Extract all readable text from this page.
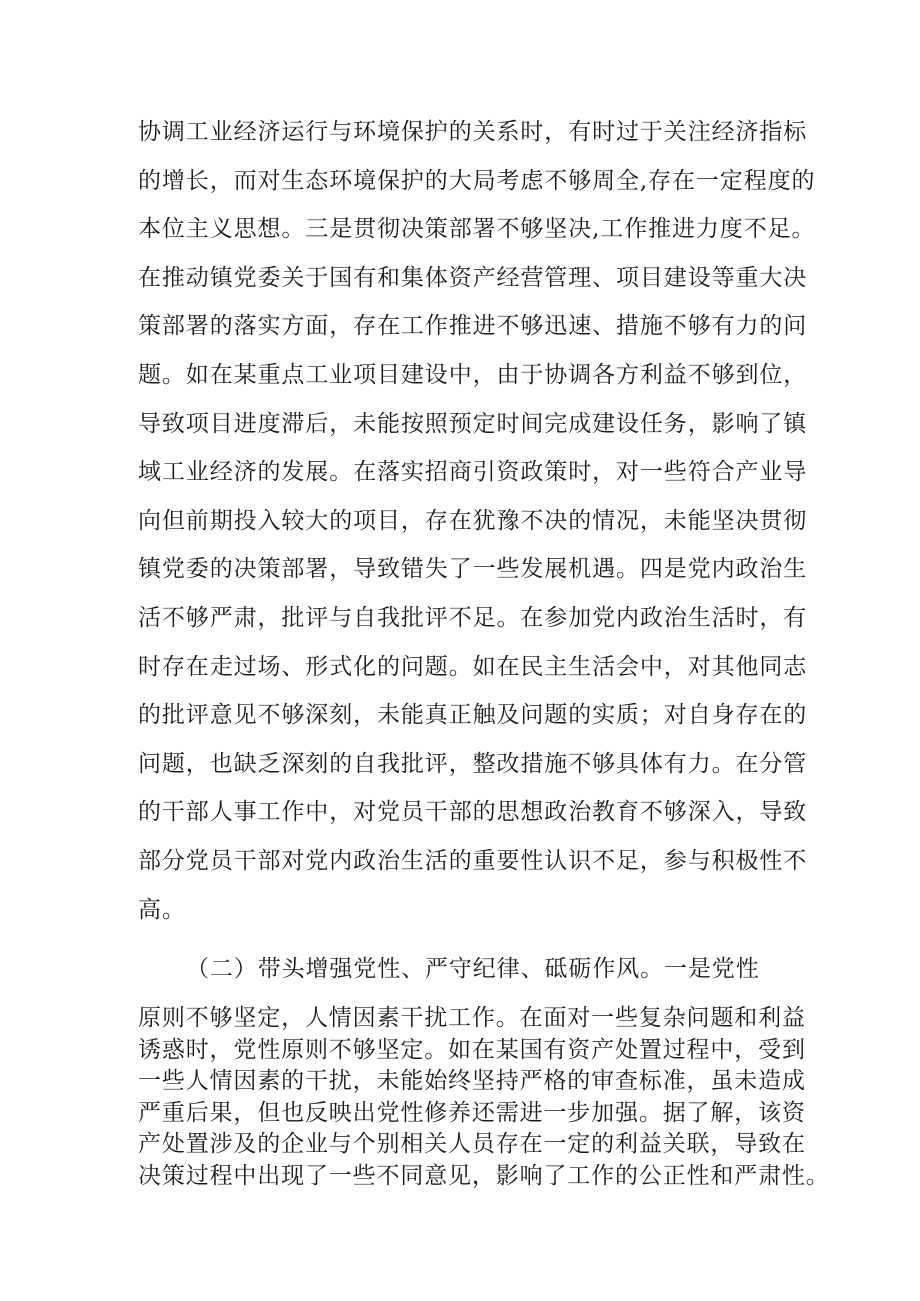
协调工业经济运行与环境保护的关系时，有时过于关注经济指标
的增长，而对生态环境保护的大局考虑不够周全,存在一定程度的
本位主义思想。三是贯彻决策部署不够坚决,工作推进力度不足。
在推动镇党委关于国有和集体资产经营管理、项目建设等重大决
策部署的落实方面，存在工作推进不够迅速、措施不够有力的问
题。如在某重点工业项目建设中，由于协调各方利益不够到位，
导致项目进度滞后，未能按照预定时间完成建设任务，影响了镇
域工业经济的发展。在落实招商引资政策时，对一些符合产业导
向但前期投入较大的项目，存在犹豫不决的情况，未能坚决贯彻
镇党委的决策部署，导致错失了一些发展机遇。四是党内政治生
活不够严肃，批评与自我批评不足。在参加党内政治生活时，有
时存在走过场、形式化的问题。如在民主生活会中，对其他同志
的批评意见不够深刻，未能真正触及问题的实质；对自身存在的
问题，也缺乏深刻的自我批评，整改措施不够具体有力。在分管
的干部人事工作中，对党员干部的思想政治教育不够深入，导致
部分党员干部对党内政治生活的重要性认识不足，参与积极性不
高。
（二）带头增强党性、严守纪律、砥砺作风。一是党性
原则不够坚定，人情因素干扰工作。在面对一些复杂问题和利益
诱惑时，党性原则不够坚定。如在某国有资产处置过程中，受到
一些人情因素的干扰，未能始终坚持严格的审查标准，虽未造成
严重后果，但也反映出党性修养还需进一步加强。据了解，该资
产处置涉及的企业与个别相关人员存在一定的利益关联，导致在
决策过程中出现了一些不同意见，影响了工作的公正性和严肃性。
